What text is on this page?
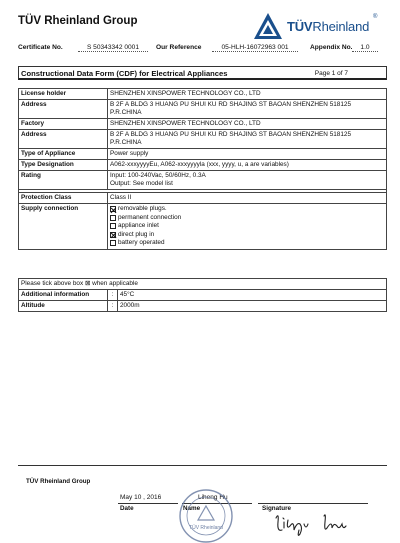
TÜV Rheinland Group	TÜVRheinland
®
Certificate No.	S 50343342 0001	Our Reference	05-HLH-16072963 001	Appendix No.	1.0
Constructional Data Form (CDF) for Electrical Appliances	Page 1 of 7
License holder	SHENZHEN XINSPOWER TECHNOLOGY CO., LTD
Address	B 2F A BLDG 3 HUANG PU SHUI KU RD SHAJING ST BAOAN SHENZHEN 518125 P.R.CHINA
Factory	SHENZHEN XINSPOWER TECHNOLOGY CO., LTD
Address	B 2F A BLDG 3 HUANG PU SHUI KU RD SHAJING ST BAOAN SHENZHEN 518125 P.R.CHINA
Type of Appliance	Power supply
Type Designation	A062-xxxyyyyEu, A062-xxxyyyyla (xxx, yyyy, u, a are variables)
Rating	Input: 100-240Vac, 50/60Hz, 0.3A
Output: See model list

Protection Class	Class II
Supply connection	removable plugs.
permanent connection
appliance inlet
direct plug in
battery operated
Please tick above box ⊠ when applicable		
Additional information	:	45°C
Altitude	:	2000m
TÜV Rheinland Group
May 10 , 2016	Liheng Hu
Date	Name	Signature
TÜV Rheinland
